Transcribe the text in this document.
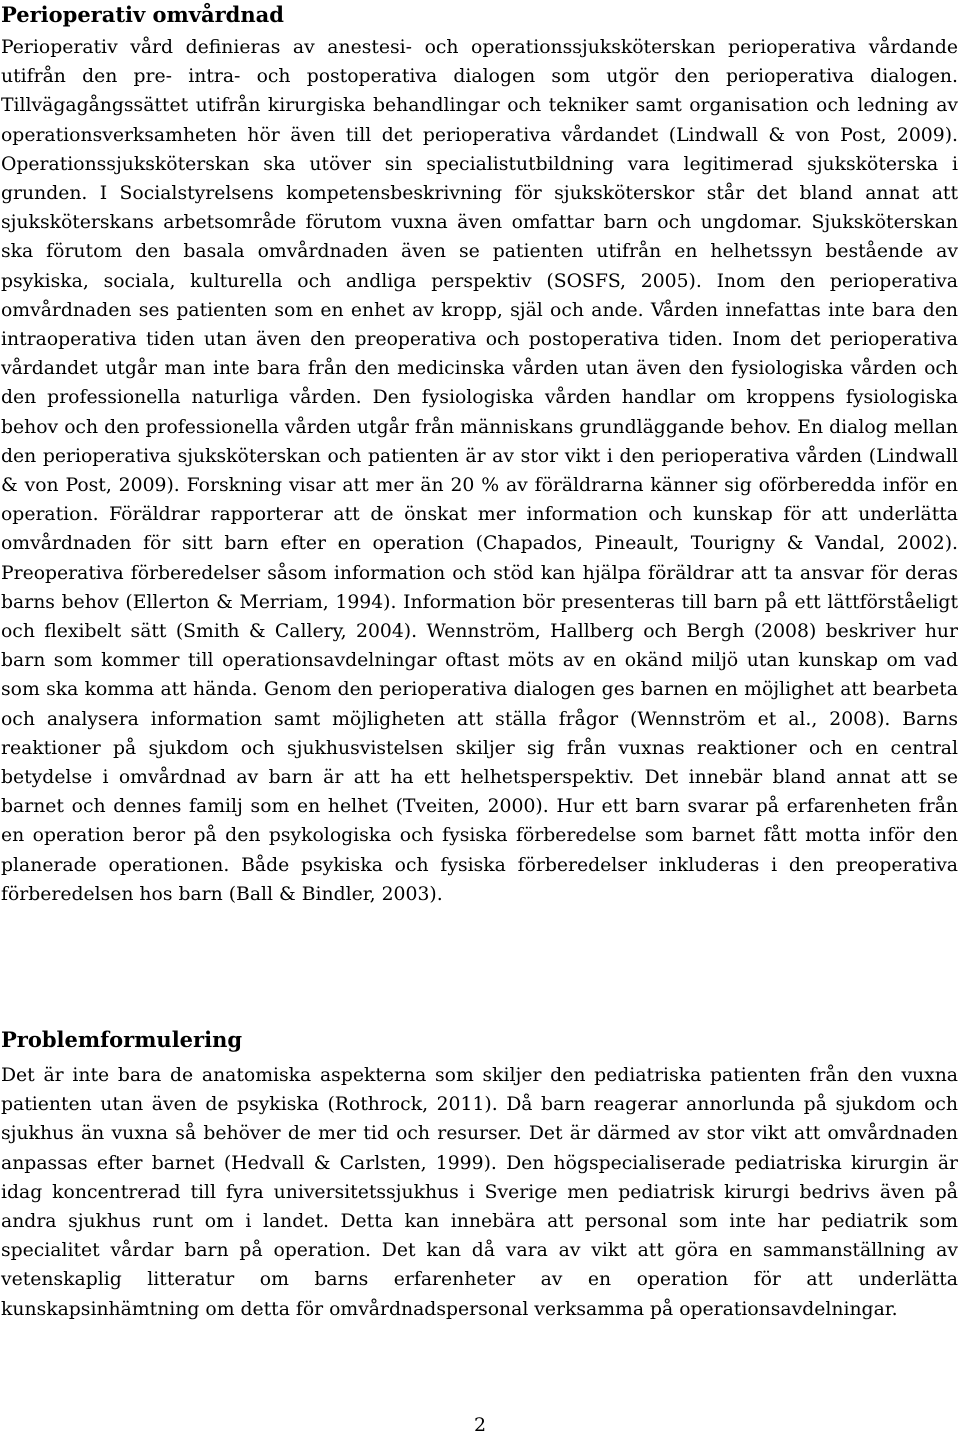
Perioperativ omvårdnad

Perioperativ vård definieras av anestesi- och operationssjuksköterskan perioperativa vårdande utifrån den pre- intra- och postoperativa dialogen som utgör den perioperativa dialogen. Tillvägagångssättet utifrån kirurgiska behandlingar och tekniker samt organisation och ledning av operationsverksamheten hör även till det perioperativa vårdandet (Lindwall & von Post, 2009). Operationssjuksköterskan ska utöver sin specialistutbildning vara legitimerad sjuksköterska i grunden. I Socialstyrelsens kompetensbeskrivning för sjuksköterskor står det bland annat att sjuksköterskans arbetsområde förutom vuxna även omfattar barn och ungdomar. Sjuksköterskan ska förutom den basala omvårdnaden även se patienten utifrån en helhetssyn bestående av psykiska, sociala, kulturella och andliga perspektiv (SOSFS, 2005). Inom den perioperativa omvårdnaden ses patienten som en enhet av kropp, själ och ande. Vården innefattas inte bara den intraoperativa tiden utan även den preoperativa och postoperativa tiden. Inom det perioperativa vårdandet utgår man inte bara från den medicinska vården utan även den fysiologiska vården och den professionella naturliga vården. Den fysiologiska vården handlar om kroppens fysiologiska behov och den professionella vården utgår från människans grundläggande behov. En dialog mellan den perioperativa sjuksköterskan och patienten är av stor vikt i den perioperativa vården (Lindwall & von Post, 2009). Forskning visar att mer än 20 % av föräldrarna känner sig oförberedda inför en operation. Föräldrar rapporterar att de önskat mer information och kunskap för att underlätta omvårdnaden för sitt barn efter en operation (Chapados, Pineault, Tourigny & Vandal, 2002). Preoperativa förberedelser såsom information och stöd kan hjälpa föräldrar att ta ansvar för deras barns behov (Ellerton & Merriam, 1994). Information bör presenteras till barn på ett lättförståeligt och flexibelt sätt (Smith & Callery, 2004). Wennström, Hallberg och Bergh (2008) beskriver hur barn som kommer till operationsavdelningar oftast möts av en okänd miljö utan kunskap om vad som ska komma att hända. Genom den perioperativa dialogen ges barnen en möjlighet att bearbeta och analysera information samt möjligheten att ställa frågor (Wennström et al., 2008). Barns reaktioner på sjukdom och sjukhusvistelsen skiljer sig från vuxnas reaktioner och en central betydelse i omvårdnad av barn är att ha ett helhetsperspektiv. Det innebär bland annat att se barnet och dennes familj som en helhet (Tveiten, 2000). Hur ett barn svarar på erfarenheten från en operation beror på den psykologiska och fysiska förberedelse som barnet fått motta inför den planerade operationen. Både psykiska och fysiska förberedelser inkluderas i den preoperativa förberedelsen hos barn (Ball & Bindler, 2003).

Problemformulering

Det är inte bara de anatomiska aspekterna som skiljer den pediatriska patienten från den vuxna patienten utan även de psykiska (Rothrock, 2011). Då barn reagerar annorlunda på sjukdom och sjukhus än vuxna så behöver de mer tid och resurser. Det är därmed av stor vikt att omvårdnaden anpassas efter barnet (Hedvall & Carlsten, 1999). Den högspecialiserade pediatriska kirurgin är idag koncentrerad till fyra universitetssjukhus i Sverige men pediatrisk kirurgi bedrivs även på andra sjukhus runt om i landet. Detta kan innebära att personal som inte har pediatrik som specialitet vårdar barn på operation. Det kan då vara av vikt att göra en sammanställning av vetenskaplig litteratur om barns erfarenheter av en operation för att underlätta kunskapsinhämtning om detta för omvårdnadspersonal verksamma på operationsavdelningar.

2
